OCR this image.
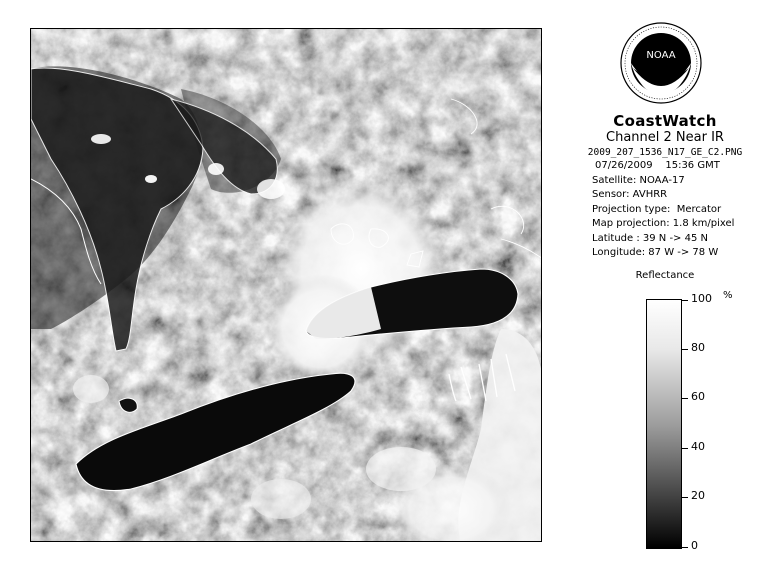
NOAA
CoastWatch
Channel 2 Near IR
2009_207_1536_N17_GE_C2.PNG
07/26/2009    15:36 GMT
Satellite: NOAA-17
Sensor: AVHRR
Projection type:  Mercator
Map projection: 1.8 km/pixel
Latitude : 39 N -> 45 N
Longitude: 87 W -> 78 W
Reflectance
%
100
80
60
40
20
0
